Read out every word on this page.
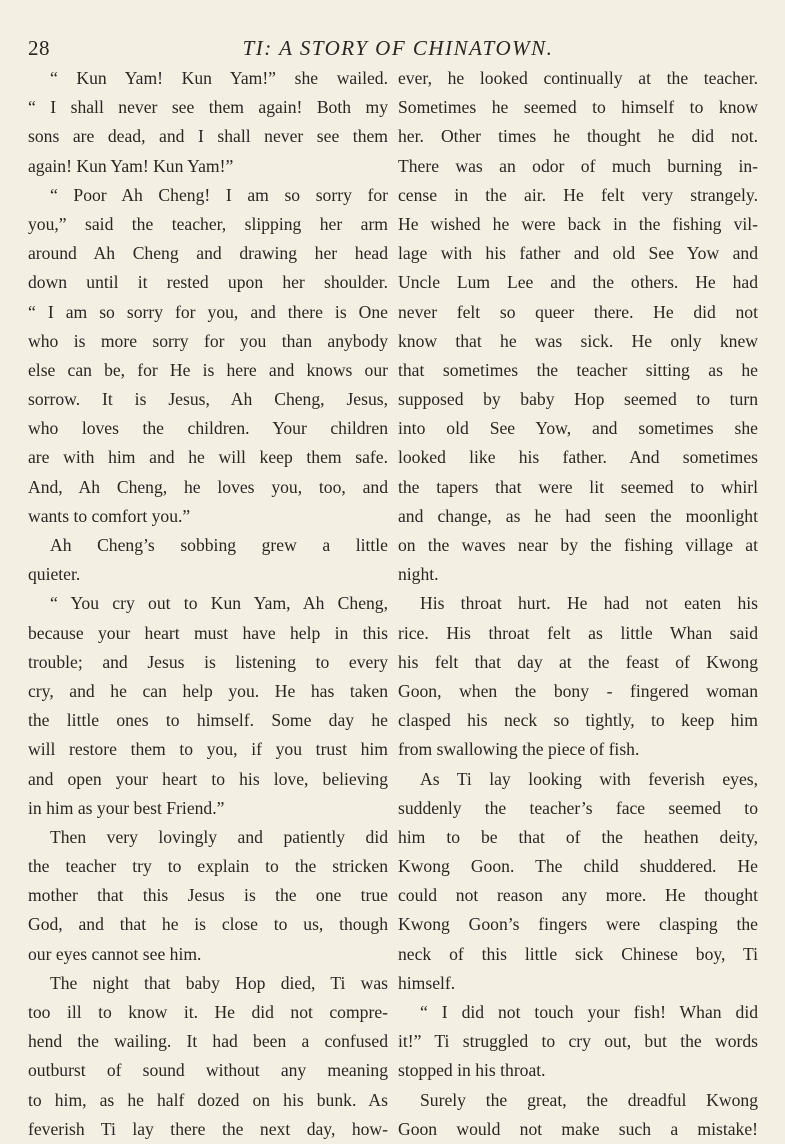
28	TI: A STORY OF CHINATOWN.
“ Kun Yam! Kun Yam!” she wailed.
“ I shall never see them again! Both my
sons are dead, and I shall never see them
again! Kun Yam! Kun Yam!”
“ Poor Ah Cheng! I am so sorry for
you,” said the teacher, slipping her arm
around Ah Cheng and drawing her head
down until it rested upon her shoulder.
“ I am so sorry for you, and there is One
who is more sorry for you than anybody
else can be, for He is here and knows our
sorrow. It is Jesus, Ah Cheng, Jesus,
who loves the children. Your children
are with him and he will keep them safe.
And, Ah Cheng, he loves you, too, and
wants to comfort you.”
Ah Cheng’s sobbing grew a little
quieter.
“ You cry out to Kun Yam, Ah Cheng,
because your heart must have help in this
trouble; and Jesus is listening to every
cry, and he can help you. He has taken
the little ones to himself. Some day he
will restore them to you, if you trust him
and open your heart to his love, believing
in him as your best Friend.”
Then very lovingly and patiently did
the teacher try to explain to the stricken
mother that this Jesus is the one true
God, and that he is close to us, though
our eyes cannot see him.
The night that baby Hop died, Ti was
too ill to know it. He did not compre-
hend the wailing. It had been a confused
outburst of sound without any meaning
to him, as he half dozed on his bunk. As
feverish Ti lay there the next day, how-
ever, he looked continually at the teacher.
Sometimes he seemed to himself to know
her. Other times he thought he did not.
There was an odor of much burning in-
cense in the air. He felt very strangely.
He wished he were back in the fishing vil-
lage with his father and old See Yow and
Uncle Lum Lee and the others. He had
never felt so queer there. He did not
know that he was sick. He only knew
that sometimes the teacher sitting as he
supposed by baby Hop seemed to turn
into old See Yow, and sometimes she
looked like his father. And sometimes
the tapers that were lit seemed to whirl
and change, as he had seen the moonlight
on the waves near by the fishing village at
night.
His throat hurt. He had not eaten his
rice. His throat felt as little Whan said
his felt that day at the feast of Kwong
Goon, when the bony - fingered woman
clasped his neck so tightly, to keep him
from swallowing the piece of fish.
As Ti lay looking with feverish eyes,
suddenly the teacher’s face seemed to
him to be that of the heathen deity,
Kwong Goon. The child shuddered. He
could not reason any more. He thought
Kwong Goon’s fingers were clasping the
neck of this little sick Chinese boy, Ti
himself.
“ I did not touch your fish! Whan did
it!” Ti struggled to cry out, but the words
stopped in his throat.
Surely the great, the dreadful Kwong
Goon would not make such a mistake!
